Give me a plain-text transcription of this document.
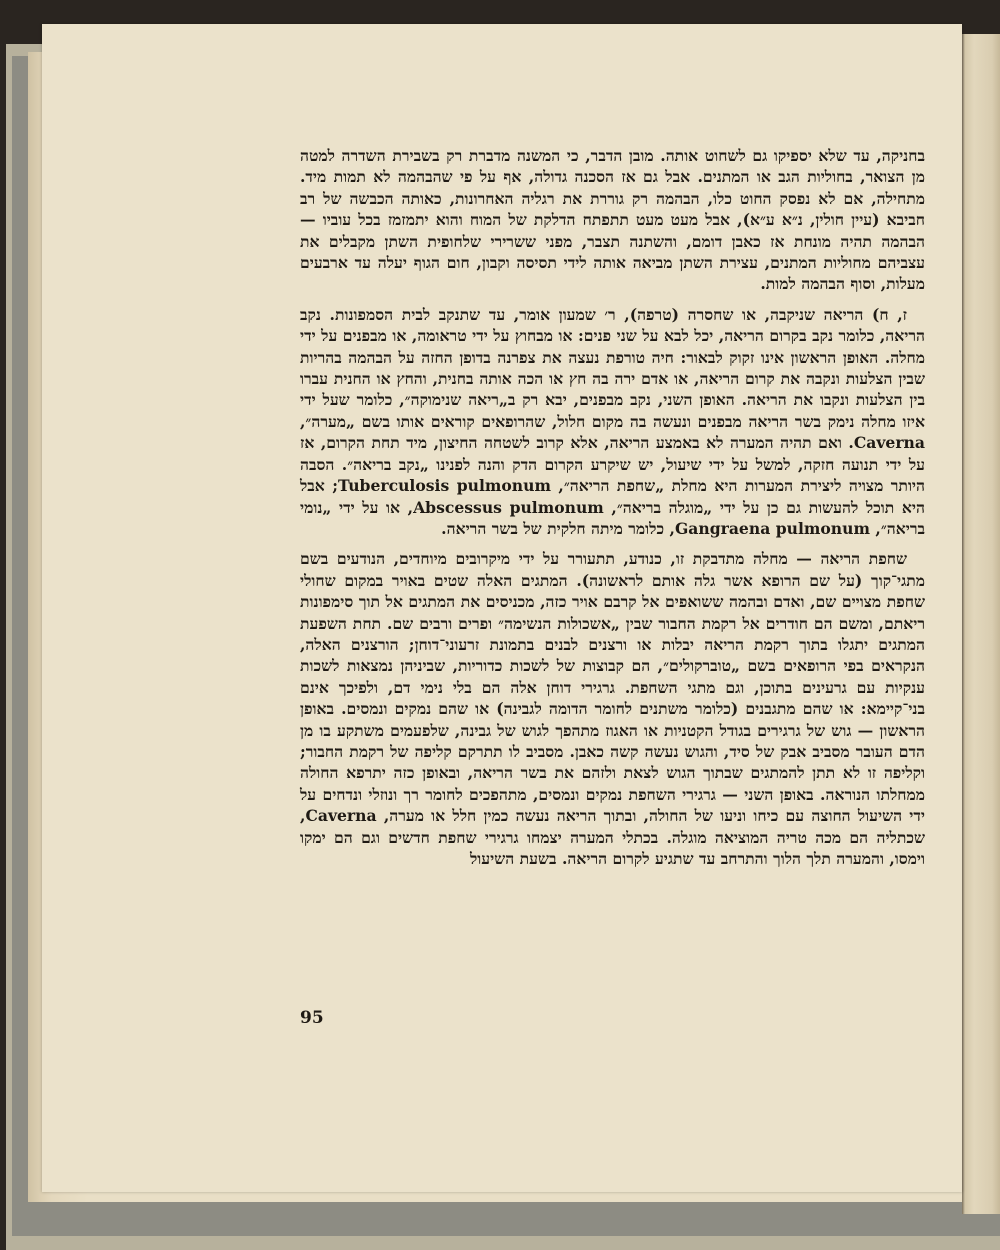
בחניקה, עד שלא יספיקו גם לשחוט אותה. מובן הדבר, כי המשנה מדברת רק בשבירת השדרה למטה מן הצואר, בחוליות הגב או המתנים. אבל גם אז הסכנה גדולה, אף על פי שהבהמה לא תמות מיד. מתחילה, אם לא נפסק החוט כלו, הבהמה רק גוררת את רגליה האחרונות, כאותה הכבשה של רב חביבא (עיין חולין, נ״א ע״א), אבל מעט מעט תתפתח הדלקת של המוח והוא יתמזמז בכל עוביו — הבהמה תהיה מונחת אז כאבן דומם, והשתנה תצבר, מפני ששרירי שלחופית השתן מקבלים את עצביהם מחוליות המתנים, עצירת השתן מביאה אותה לידי תסיסה וקבון, חום הגוף יעלה עד ארבעים מעלות, וסוף הבהמה למות.

ז, ח) הריאה שניקבה, או שחסרה (טרפה), ר׳ שמעון אומר, עד שתנקב לבית הסמפונות. נקב הריאה, כלומר נקב בקרום הריאה, יכל לבא על שני פנים: או מבחוץ על ידי טראומה, או מבפנים על ידי מחלה. האופן הראשון אינו זקוק לבאור: חיה טורפת נעצה את צפרנה בדופן החזה על הבהמה בהריות שבין הצלעות ונקבה את קרום הריאה, או אדם ירה בה חץ או הכה אותה בחנית, והחץ או החנית עברו בין הצלעות ונקבו את הריאה. האופן השני, נקב מבפנים, יבא רק ב„ריאה שנימוקה״, כלומר שעל ידי איזו מחלה נימק בשר הריאה מבפנים ונעשה בה מקום חלול, שהרופאים קוראים אותו בשם „מערה״, Caverna. ואם תהיה המערה לא באמצע הריאה, אלא קרוב לשטחה החיצון, מיד תחת הקרום, אז על ידי תנועה חזקה, למשל על ידי שיעול, יש שיקרע הקרום הדק והנה לפנינו „נקב בריאה״. הסבה היותר מצויה ליצירת המערות היא מחלת „שחפת הריאה״, Tuberculosis pulmonum; אבל היא תוכל להעשות גם כן על ידי „מוגלה בריאה״, Abscessus pulmonum, או על ידי „נומי בריאה״, Gangraena pulmonum, כלומר מיתה חלקית של בשר הריאה.

שחפת הריאה — מחלה מתדבקת זו, כנודע, תתעורר על ידי מיקרובים מיוחדים, הנודעים בשם מתגי־קוך (על שם הרופא אשר גלה אותם לראשונה). המתגים האלה שטים באויר במקום שחולי שחפת מצויים שם, ואדם ובהמה ששואפים אל קרבם אויר כזה, מכניסים את המתגים אל תוך סימפונות ריאתם, ומשם הם חודרים אל רקמת החבור שבין „אשכולות הנשימה״ ופרים ורבים שם. תחת השפעת המתגים יתגלו בתוך רקמת הריאה יבלות או ורצנים לבנים בתמונת זרעוני־דוחן; הורצנים האלה, הנקראים בפי הרופאים בשם „טוברקולים״, הם קבוצות של לשכות כדוריות, שביניהן נמצאות לשכות ענקיות עם גרעינים בתוכן, וגם מתגי השחפת. גרגירי דוחן אלה הם בלי נימי דם, ולפיכך אינם בני־קיימא: או שהם מתגבנים (כלומר משתנים לחומר הדומה לגבינה) או שהם נמקים ונמסים. באופן הראשון — גוש של גרגירים בגודל הקטניות או האגוז מתהפך לגוש של גבינה, שלפעמים משתקע בו מן הדם העובר מסביב אבק של סיד, והגוש נעשה קשה כאבן. מסביב לו תתרקם קליפה של רקמת החבור; וקליפה זו לא תתן להמתגים שבתוך הגוש לצאת ולזהם את בשר הריאה, ובאופן כזה יתרפא החולה ממחלתו הנוראה. באופן השני — גרגירי השחפת נמקים ונמסים, מתהפכים לחומר רך ונוזלי ונדחים על ידי השיעול החוצה עם כיחו וניעו של החולה, ובתוך הריאה נעשה כמין חלל או מערה, Caverna, שכתליה הם מכה טריה המוציאה מוגלה. בכתלי המערה יצמחו גרגירי שחפת חדשים וגם הם ימקו וימסו, והמערה תלך הלוך והתרחב עד שתגיע לקרום הריאה. בשעת השיעול

95
